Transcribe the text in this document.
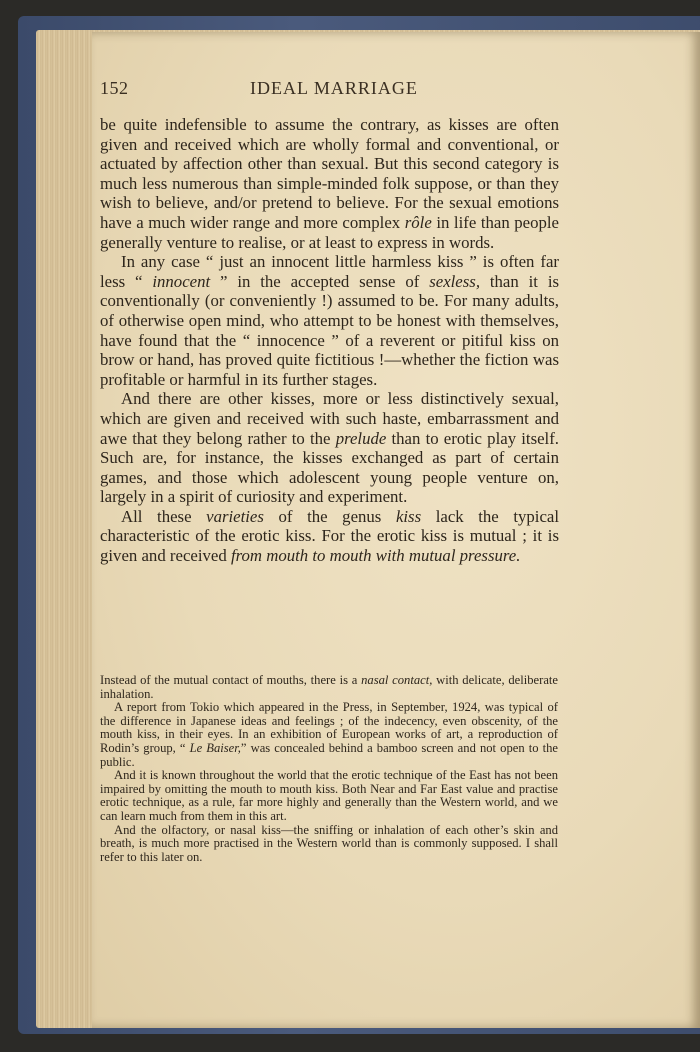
152	IDEAL MARRIAGE

be quite indefensible to assume the contrary, as kisses are often given and received which are wholly formal and conventional, or actuated by affection other than sexual. But this second category is much less numerous than simple-minded folk suppose, or than they wish to believe, and/or pretend to believe. For the sexual emotions have a much wider range and more complex rôle in life than people generally venture to realise, or at least to express in words.

In any case “ just an innocent little harmless kiss ” is often far less “ innocent ” in the accepted sense of sexless, than it is conventionally (or conveniently !) assumed to be. For many adults, of otherwise open mind, who attempt to be honest with themselves, have found that the “ innocence ” of a reverent or pitiful kiss on brow or hand, has proved quite fictitious !—whether the fiction was profitable or harmful in its further stages.

And there are other kisses, more or less distinctively sexual, which are given and received with such haste, embarrassment and awe that they belong rather to the prelude than to erotic play itself. Such are, for instance, the kisses exchanged as part of certain games, and those which adolescent young people venture on, largely in a spirit of curiosity and experiment.

All these varieties of the genus kiss lack the typical characteristic of the erotic kiss. For the erotic kiss is mutual ; it is given and received from mouth to mouth with mutual pressure.

Instead of the mutual contact of mouths, there is a nasal contact, with delicate, deliberate inhalation.

A report from Tokio which appeared in the Press, in September, 1924, was typical of the difference in Japanese ideas and feelings ; of the indecency, even obscenity, of the mouth kiss, in their eyes. In an exhibition of European works of art, a reproduction of Rodin’s group, “ Le Baiser,” was concealed behind a bamboo screen and not open to the public.

And it is known throughout the world that the erotic technique of the East has not been impaired by omitting the mouth to mouth kiss. Both Near and Far East value and practise erotic technique, as a rule, far more highly and generally than the Western world, and we can learn much from them in this art.

And the olfactory, or nasal kiss—the sniffing or inhalation of each other’s skin and breath, is much more practised in the Western world than is commonly supposed. I shall refer to this later on.
